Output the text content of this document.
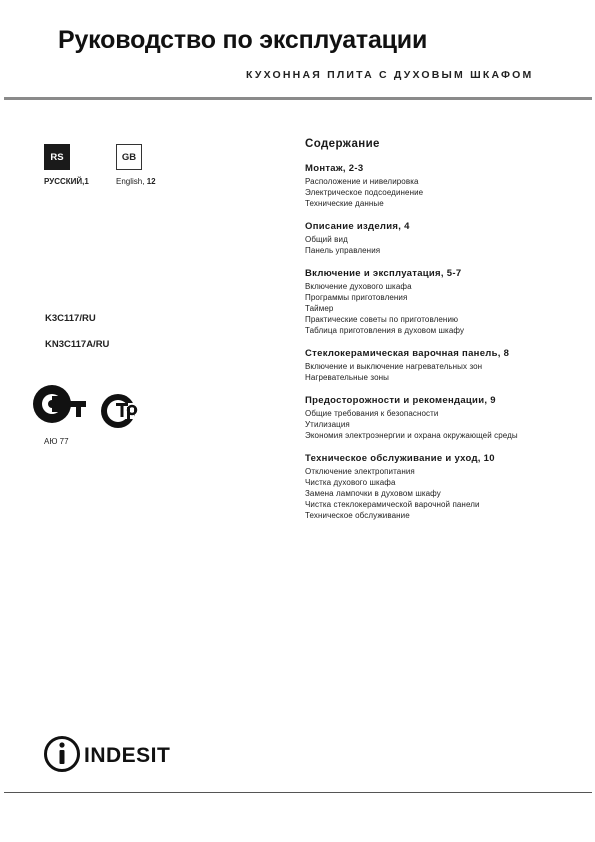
Руководство по эксплуатации
КУХОННАЯ ПЛИТА С ДУХОВЫМ ШКАФОМ
RS	GB
РУССКИЙ,1	English, 12
K3C117/RU
KN3C117A/RU
АЮ 77
Содержание
Монтаж, 2-3
Расположение и нивелировка
Электрическое подсоединение
Технические данные
Описание изделия, 4
Общий вид
Панель управления
Включение и эксплуатация, 5-7
Включение духового шкафа
Программы приготовления
Таймер
Практические советы по приготовлению
Таблица приготовления в духовом шкафу
Стеклокерамическая варочная панель, 8
Включение и выключение нагревательных зон
Нагревательные зоны
Предосторожности и рекомендации, 9
Общие требования к безопасности
Утилизация
Экономия электроэнергии и охрана окружающей среды
Техническое обслуживание и уход, 10
Отключение электропитания
Чистка духового шкафа
Замена лампочки в духовом шкафу
Чистка стеклокерамической варочной панели
Техническое обслуживание
INDESIT
